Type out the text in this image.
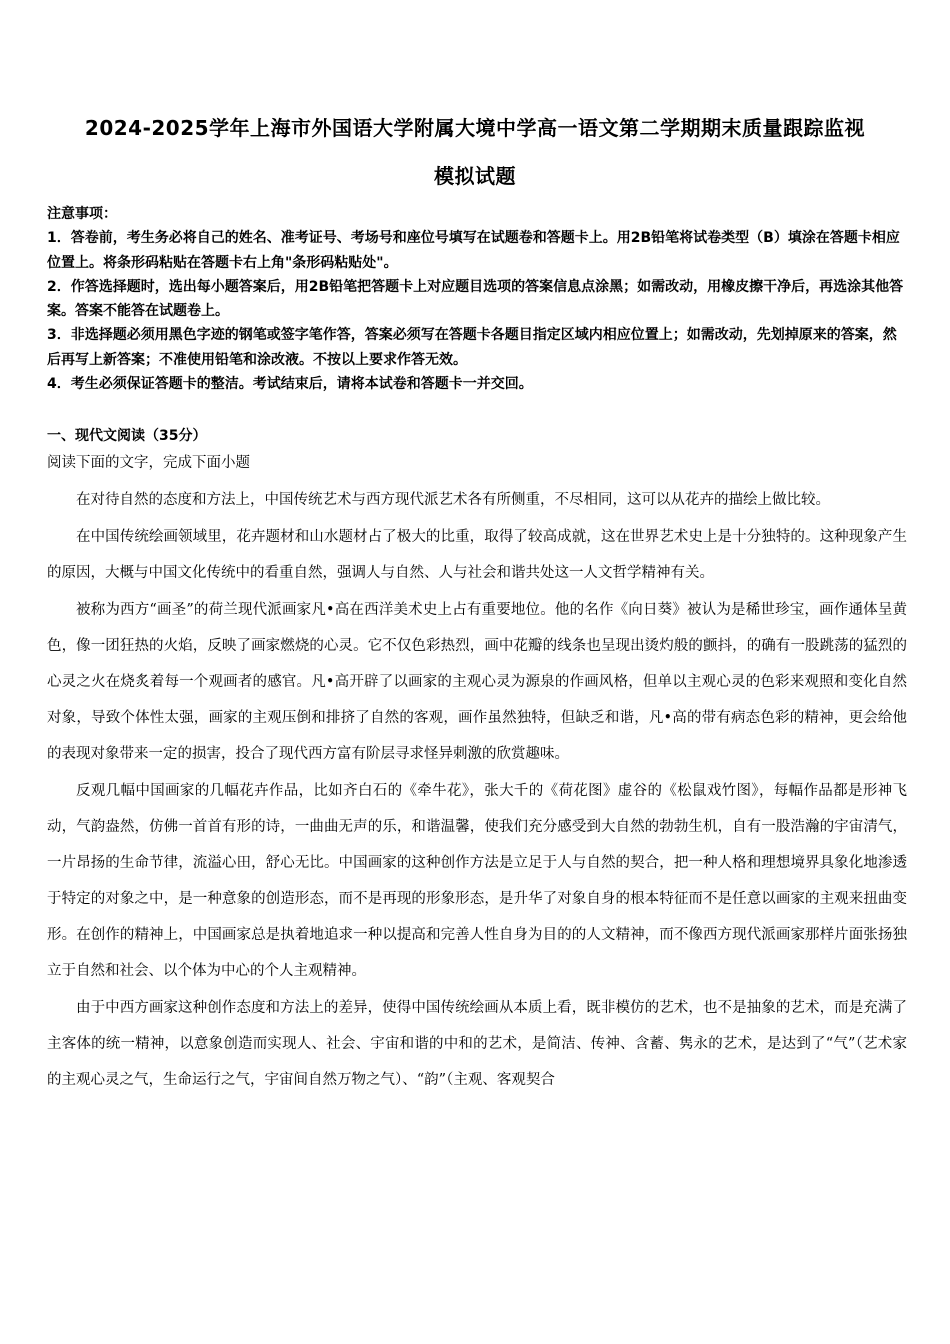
2024-2025学年上海市外国语大学附属大境中学高一语文第二学期期末质量跟踪监视
模拟试题

注意事项：

1．答卷前，考生务必将自己的姓名、准考证号、考场号和座位号填写在试题卷和答题卡上。用2B铅笔将试卷类型（B）填涂在答题卡相应位置上。将条形码粘贴在答题卡右上角"条形码粘贴处"。

2．作答选择题时，选出每小题答案后，用2B铅笔把答题卡上对应题目选项的答案信息点涂黑；如需改动，用橡皮擦干净后，再选涂其他答案。答案不能答在试题卷上。

3．非选择题必须用黑色字迹的钢笔或签字笔作答，答案必须写在答题卡各题目指定区域内相应位置上；如需改动，先划掉原来的答案，然后再写上新答案；不准使用铅笔和涂改液。不按以上要求作答无效。

4．考生必须保证答题卡的整洁。考试结束后，请将本试卷和答题卡一并交回。

一、现代文阅读（35分）
阅读下面的文字，完成下面小题

在对待自然的态度和方法上，中国传统艺术与西方现代派艺术各有所侧重，不尽相同，这可以从花卉的描绘上做比较。

在中国传统绘画领域里，花卉题材和山水题材占了极大的比重，取得了较高成就，这在世界艺术史上是十分独特的。这种现象产生的原因，大概与中国文化传统中的看重自然，强调人与自然、人与社会和谐共处这一人文哲学精神有关。

被称为西方“画圣”的荷兰现代派画家凡•高在西洋美术史上占有重要地位。他的名作《向日葵》被认为是稀世珍宝，画作通体呈黄色，像一团狂热的火焰，反映了画家燃烧的心灵。它不仅色彩热烈，画中花瓣的线条也呈现出烫灼般的颤抖，的确有一股跳荡的猛烈的心灵之火在烧炙着每一个观画者的感官。凡•高开辟了以画家的主观心灵为源泉的作画风格，但单以主观心灵的色彩来观照和变化自然对象，导致个体性太强，画家的主观压倒和排挤了自然的客观，画作虽然独特，但缺乏和谐，凡•高的带有病态色彩的精神，更会给他的表现对象带来一定的损害，投合了现代西方富有阶层寻求怪异刺激的欣赏趣味。

反观几幅中国画家的几幅花卉作品，比如齐白石的《牵牛花》，张大千的《荷花图》虚谷的《松鼠戏竹图》，每幅作品都是形神飞动，气韵盎然，仿佛一首首有形的诗，一曲曲无声的乐，和谐温馨，使我们充分感受到大自然的勃勃生机，自有一股浩瀚的宇宙清气，一片昂扬的生命节律，流溢心田，舒心无比。中国画家的这种创作方法是立足于人与自然的契合，把一种人格和理想境界具象化地渗透于特定的对象之中，是一种意象的创造形态，而不是再现的形象形态，是升华了对象自身的根本特征而不是任意以画家的主观来扭曲变形。在创作的精神上，中国画家总是执着地追求一种以提高和完善人性自身为目的的人文精神，而不像西方现代派画家那样片面张扬独立于自然和社会、以个体为中心的个人主观精神。

由于中西方画家这种创作态度和方法上的差异，使得中国传统绘画从本质上看，既非模仿的艺术，也不是抽象的艺术，而是充满了主客体的统一精神，以意象创造而实现人、社会、宇宙和谐的中和的艺术，是简洁、传神、含蓄、隽永的艺术，是达到了“气”（艺术家的主观心灵之气，生命运行之气，宇宙间自然万物之气）、“韵”（主观、客观契合
